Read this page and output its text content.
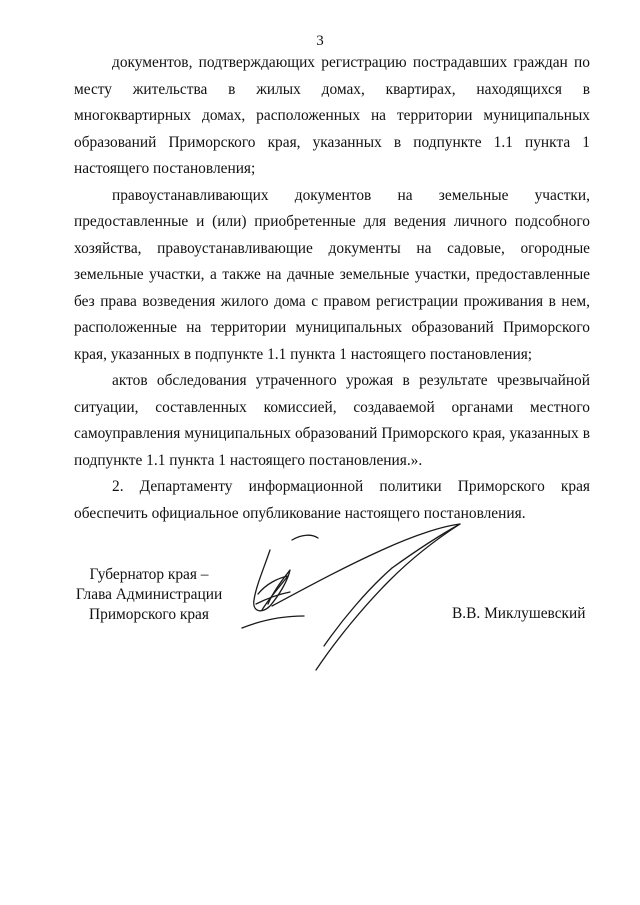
3

документов, подтверждающих регистрацию пострадавших граждан по месту жительства в жилых домах, квартирах, находящихся в многоквартирных домах, расположенных на территории муниципальных образований Приморского края, указанных в подпункте 1.1 пункта 1 настоящего постановления;

правоустанавливающих документов на земельные участки, предоставленные и (или) приобретенные для ведения личного подсобного хозяйства, правоустанавливающие документы на садовые, огородные земельные участки, а также на дачные земельные участки, предоставленные без права возведения жилого дома с правом регистрации проживания в нем, расположенные на территории муниципальных образований Приморского края, указанных в подпункте 1.1 пункта 1 настоящего постановления;

актов обследования утраченного урожая в результате чрезвычайной ситуации, составленных комиссией, создаваемой органами местного самоуправления муниципальных образований Приморского края, указанных в подпункте 1.1 пункта 1 настоящего постановления.».

2. Департаменту информационной политики Приморского края обеспечить официальное опубликование настоящего постановления.

Губернатор края –
Глава Администрации
Приморского края	В.В. Миклушевский
